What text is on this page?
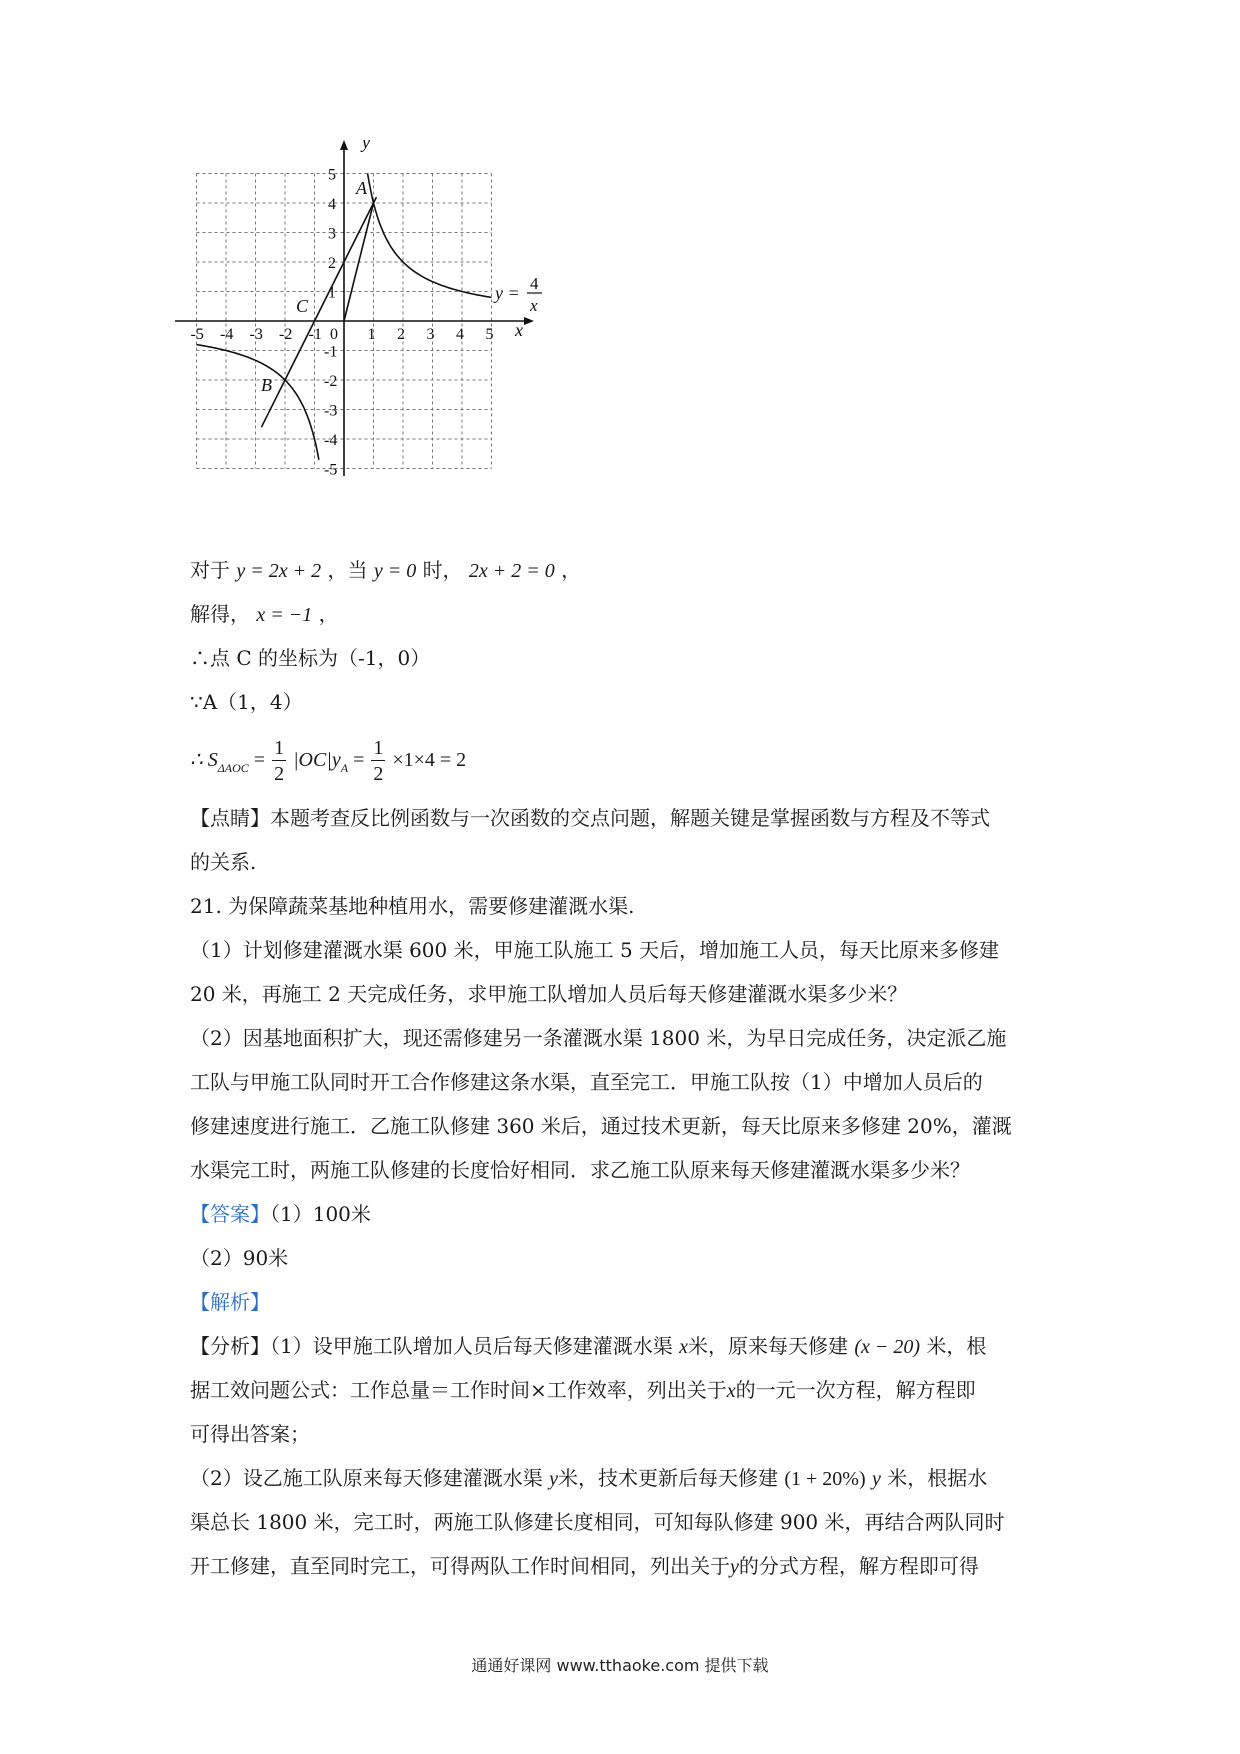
-5 -4 -3 -2 -1 0 1 2 3 4 5
1
2
3
4
5
-1
-2
-3
-4
-5
x
y
A
B
C
y = 4
x
对于 y = 2x + 2 ，当 y = 0 时， 2x + 2 = 0 ，
解得， x = −1 ，
∴点 C 的坐标为（-1，0）
∵A（1，4）
∴ $S_{\Delta AOC} = \frac{1}{2} |OC|y_A = \frac{1}{2} \times 1\times 4 = 2$
【点睛】本题考查反比例函数与一次函数的交点问题，解题关键是掌握函数与方程及不等式
的关系.
21. 为保障蔬菜基地种植用水，需要修建灌溉水渠.
（1）计划修建灌溉水渠 600 米，甲施工队施工 5 天后，增加施工人员，每天比原来多修建
20 米，再施工 2 天完成任务，求甲施工队增加人员后每天修建灌溉水渠多少米？
（2）因基地面积扩大，现还需修建另一条灌溉水渠 1800 米，为早日完成任务，决定派乙施
工队与甲施工队同时开工合作修建这条水渠，直至完工．甲施工队按（1）中增加人员后的
修建速度进行施工．乙施工队修建 360 米后，通过技术更新，每天比原来多修建 20%，灌溉
水渠完工时，两施工队修建的长度恰好相同．求乙施工队原来每天修建灌溉水渠多少米？
【答案】（1）100米
（2）90米
【解析】
【分析】（1）设甲施工队增加人员后每天修建灌溉水渠 x米，原来每天修建 (x − 20) 米，根
据工效问题公式：工作总量＝工作时间×工作效率，列出关于x的一元一次方程，解方程即
可得出答案；
（2）设乙施工队原来每天修建灌溉水渠 y米，技术更新后每天修建 (1 + 20%) y 米，根据水
渠总长 1800 米，完工时，两施工队修建长度相同，可知每队修建 900 米，再结合两队同时
开工修建，直至同时完工，可得两队工作时间相同，列出关于y的分式方程，解方程即可得
通通好课网 www.tthaoke.com 提供下载
